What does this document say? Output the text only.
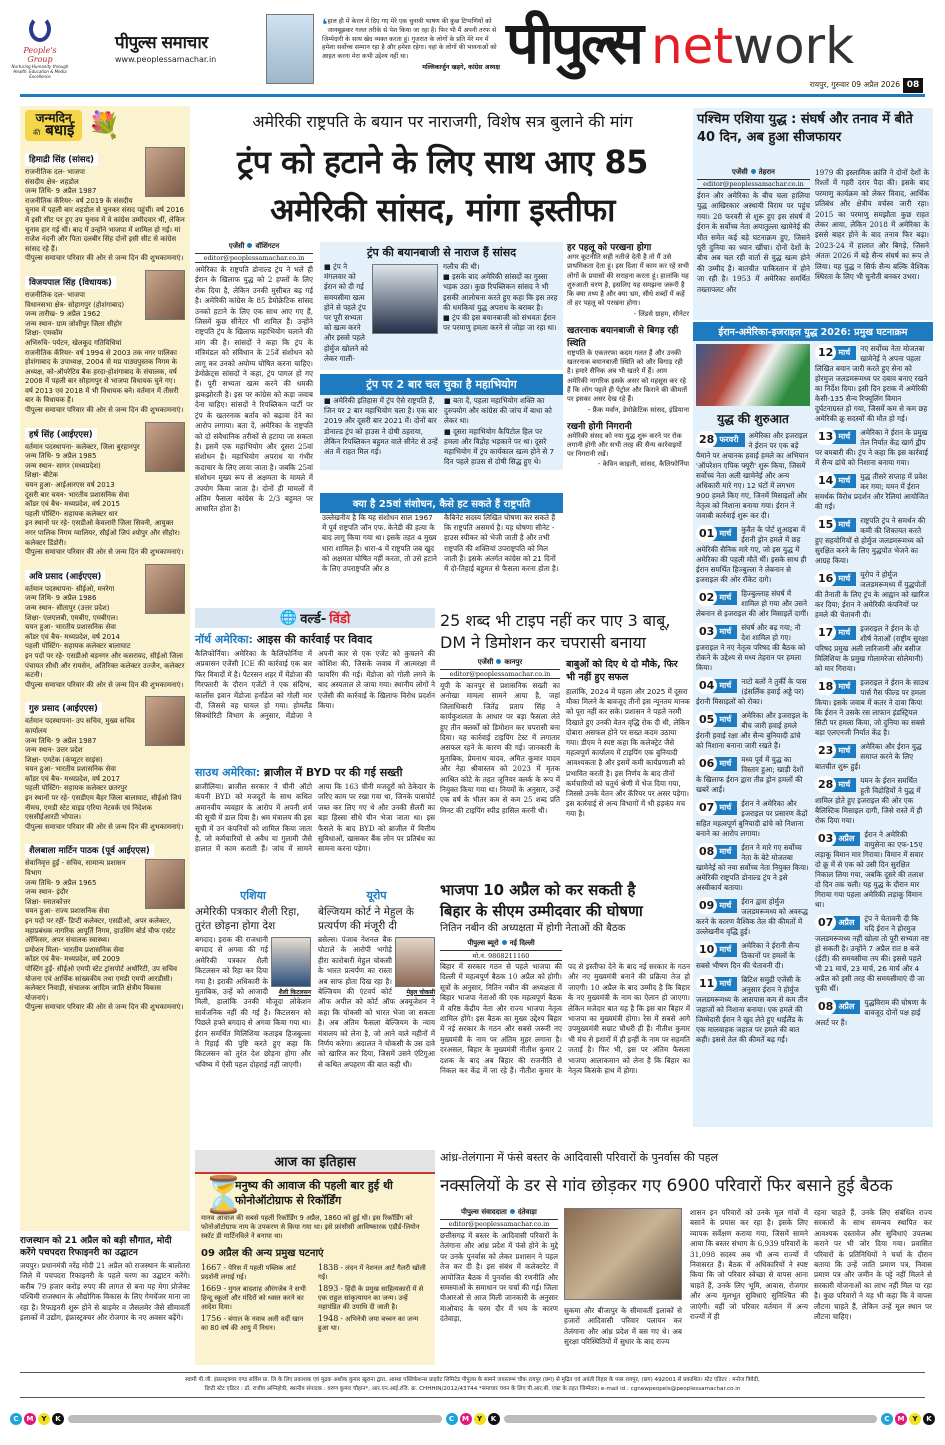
People's Group
Nurturing Humanity through Health, Education & Media Excellence
पीपुल्स समाचार
www.peoplessamachar.in
❛ हाल ही में केरल में दिए गए मेरे एक चुनावी भाषण की कुछ टिप्पणियों को जानबूझकर गलत तरीके से पेश किया जा रहा है। फिर भी मैं अपनी तरफ से जिम्मेदारी के साथ खेद व्यक्त करता हूं। गुजरात के लोगों के प्रति मेरे मन में हमेशा सर्वोच्च सम्मान रहा है और हमेशा रहेगा। वहां के लोगों की भावनाओं को आहत करना मेरा कभी उद्देश्य नहीं था।
मल्लिकार्जुन खड़गे, कांग्रेस अध्यक्ष पीपुल्स net work
रायपुर, गुरुवार 09 अप्रैल 2026 08
जन्मदिन
की बधाई 💐
हिमाद्री सिंह (सांसद)
राजनीतिक दल- भाजपा
संसदीय क्षेत्र- शहडोल
जन्म तिथि- 9 अप्रैल 1987
राजनीतिक कॅरियर- वर्ष 2019 के संसदीय चुनाव में पहली बार शहडोल से चुनकर संसद पहुंचीं। वर्ष 2016 में इसी सीट पर हुए उप चुनाव में वे कांग्रेस उम्मीदवार थीं, लेकिन चुनाव हार गई थीं। बाद में उन्होंने भाजपा में शामिल हो गईं। मां राजेश नंदनी और पिता दलबीर सिंह दोनों इसी सीट से कांग्रेस सांसद रहे हैं।
पीपुल्स समाचार परिवार की ओर से जन्म दिन की शुभकामनाएं।
विजयपाल सिंह (विधायक)
राजनीतिक दल- भाजपा
विधानसभा क्षेत्र- सोहागपुर (होशंगाबाद)
जन्म तारीख- 9 अप्रैल 1962
जन्म स्थान- ग्राम जोशीपुर जिला सीहोर
शिक्षा- एमकॉम
अभिरुचि- पर्यटन, खेलकूद गतिविधियां
राजनीतिक कॅरियर- वर्ष 1994 से 2003 तक नगर पालिका होशंगाबाद के उपाध्यक्ष, 2004 से मप्र पाठ्यपुस्तक निगम के अध्यक्ष, को-ऑपरेटिव बैंक हरदा-होशंगाबाद के संचालक, वर्ष 2008 में पहली बार सोहागपुर से भाजपा विधायक चुने गए। वर्ष 2013 एवं 2018 में भी विधायक बने। वर्तमान में तीसरी बार के विधायक हैं।
पीपुल्स समाचार परिवार की ओर से जन्म दिन की शुभकामनाएं।
हर्ष सिंह (आईएएस)
वर्तमान पदस्थापना- कलेक्टर, जिला बुरहानपुर
जन्म तिथि- 9 अप्रैल 1985
जन्म स्थान- सागर (मध्यप्रदेश)
शिक्षा- बीटेक
चयन हुआ- आईआरएस वर्ष 2013
दूसरी बार चयन- भारतीय प्रशासनिक सेवा
कॉडर एवं बैच- मध्यप्रदेश, वर्ष 2015
पहली पोस्टिंग- सहायक कलेक्टर धार
इन स्थानों पर रहे- एसडीओ केवलारी जिला सिवनी, आयुक्त नगर पालिक निगम ग्वालियर, सीईओ जिपं श्योपुर और सीहोर। कलेक्टर डिंडोरी।
पीपुल्स समाचार परिवार की ओर से जन्म दिन की शुभकामनाएं।
अवि प्रसाद (आईएएस)
वर्तमान पदस्थापना- सीईओ, मनरेगा
जन्म तिथि- 9 अप्रैल 1986
जन्म स्थान- सीतापुर (उत्तर प्रदेश)
शिक्षा- एलएलबी, एमबीए, एमबीएल।
चयन हुआ- भारतीय प्रशासनिक सेवा
कॉडर एवं बैच- मध्यप्रदेश, वर्ष 2014
पहली पोस्टिंग- सहायक कलेक्टर बालाघाट
इन पदों पर रहे- एसडीओ बड़नगर और कसरावद, सीईओ जिला पंचायत सीधी और रायसेन, अतिरिक्त कलेक्टर उज्जैन, कलेक्टर कटनी।
पीपुल्स समाचार परिवार की ओर से जन्म दिन की शुभकामनाएं।
गुरु प्रसाद (आईएएस)
वर्तमान पदस्थापना- उप सचिव, मुख्य सचिव कार्यालय
जन्म तिथि- 9 अप्रैल 1987
जन्म स्थान- उत्तर प्रदेश
शिक्षा- एमटेक (कंप्यूटर साइंस)
चयन हुआ- भारतीय प्रशासनिक सेवा
कॉडर एवं बैच- मध्यप्रदेश, वर्ष 2017
पहली पोस्टिंग- सहायक कलेक्टर छतरपुर
इन स्थानों पर रहे- एसडीएम बैहर जिला बालाघाट, सीईओ जिपं नीमच, एमडी स्टेट वाइड एरिया नेटवर्क एवं निदेशक एससीईआरटी भोपाल।
पीपुल्स समाचार परिवार की ओर से जन्म दिन की शुभकामनाएं।
शैलबाला मार्टिन पाठक (पूर्व आईएएस)
सेवानिवृत्त हुईं - सचिव, सामान्य प्रशासन विभाग
जन्म तिथि- 9 अप्रैल 1965
जन्म स्थान- इंदौर
शिक्षा- स्नातकोत्तर
चयन हुआ- राज्य प्रशासनिक सेवा
इन पदों पर रहीं- डिप्टी कलेक्टर, एसडीओ, अपर कलेक्टर, महाप्रबंधक नागरिक आपूर्ति निगम, हाउसिंग बोर्ड चीफ एस्टेट ऑफिसर, अपर संचालक स्वास्थ्य।
प्रमोशन मिला- भारतीय प्रशासनिक सेवा
कॉडर एवं बैच- मध्यप्रदेश, वर्ष 2009
पोस्टिंग हुईं- सीईओ एमपी स्टेट ट्रांसपोर्ट अथॉरिटी, उप सचिव योजना एवं आर्थिक सांख्यकीय तथा एमडी एमपी आरडीसी। कलेक्टर निवाड़ी, संचालक आदिम जाति क्षेत्रीय विकास योजनाएं।
पीपुल्स समाचार परिवार की ओर से जन्म दिन की शुभकामनाएं।
राजस्थान को 21 अप्रैल को बड़ी सौगात, मोदी करेंगे पचपदरा रिफाइनरी का उद्घाटन
जयपुर। प्रधानमंत्री नरेंद्र मोदी 21 अप्रैल को राजस्थान के बालोतरा जिले में पचपदरा रिफाइनरी के पहले चरण का उद्घाटन करेंगे। करीब 79 हजार करोड़ रुपए की लागत से बना यह मेगा प्रोजेक्ट पश्चिमी राजस्थान के औद्योगिक विकास के लिए गेमचेंजर माना जा रहा है। रिफाइनरी शुरू होने से बाड़मेर व जैसलमेर जैसे सीमावर्ती इलाकों में उद्योग, इंफ्रास्ट्रक्चर और रोजगार के नए अवसर बढ़ेंगे।
अमेरिकी राष्ट्रपति के बयान पर नाराजगी, विशेष सत्र बुलाने की मांग
ट्रंप को हटाने के लिए साथ आए 85
अमेरिकी सांसद, मांगा इस्तीफा
एजेंसी वॉशिंगटन
editor@peoplessamachar.co.in
अमेरिका के राष्ट्रपति डोनाल्ड ट्रंप ने भले ही ईरान के खिलाफ युद्ध को 2 हफ्तों के लिए रोक दिया है, लेकिन उनकी मुसीबत बढ़ गई है। अमेरिकी कांग्रेस के 85 डेमोक्रेटिक सांसद उनको हटाने के लिए एक साथ आए गए हैं, जिसमें कुछ सीनेटर भी शामिल हैं। उन्होंने राष्ट्रपति ट्रंप के खिलाफ महाभियोग चलाने की मांग की है। सांसदों ने कहा कि ट्रंप के मंत्रिमंडल को संविधान के 25वें संशोधन को लागू कर उनको अयोग्य घोषित करना चाहिए। डेमोक्रेट्स सांसदों ने कहा, ट्रंप पागल हो गए हैं। पूरी सभ्यता खत्म करने की धमकी झकझोरती है। इस पर कांग्रेस को कड़ा जवाब देना चाहिए। सांसदों ने रिपब्लिकन पार्टी पर ट्रंप के खतरनाक बर्ताव को बढ़ावा देने का आरोप लगाया। बता दें, अमेरिका के राष्ट्रपति को दो संवैधानिक तरीकों से हटाया जा सकता है। इसमें एक महाभियोग और दूसरा 25वां संशोधन है। महाभियोग अपराध या गंभीर कदाचार के लिए लाया जाता है। जबकि 25वां संशोधन मुख्य रूप से अक्षमता के मामले में उपयोग किया जाता है। दोनों ही मामलों में अंतिम फैसला कांग्रेस के 2/3 बहुमत पर आधारित होता है।
ट्रंप की बयानबाजी से नाराज हैं सांसद
■ ट्रंप ने मंगलवार को ईरान को दी गई समयसीमा खत्म होने से पहले ट्रंप पर पूरी सभ्यता को खत्म करने और इससे पहले होर्मुज खोलने को लेकर गाली-
गलौच की थी।
■ इसके बाद अमेरिकी सांसदों का गुस्सा भड़क उठा। कुछ रिपब्लिकन सांसद ने भी इसकी आलोचना करते हुए कहा कि इस तरह की धमकियां युद्ध अपराध के बराबर है।
■ ट्रंप की इस बयानबाजी को संभवतः ईरान पर परमाणु हमला करने से जोड़ा जा रहा था।
ट्रंप पर 2 बार चल चुका है महाभियोग
■ अमेरिकी इतिहास में ट्रंप ऐसे राष्ट्रपति हैं, जिन पर 2 बार महाभियोग चला है। एक बार 2019 और दूसरी बार 2021 में। दोनों बार डोनाल्ड ट्रंप को हाउस ने दोषी ठहराया, लेकिन रिपब्लिकन बहुमत वाले सीनेट से उन्हें अंत में राहत मिल गई।
■ बता दें, पहला महाभियोग शक्ति का दुरुपयोग और कांग्रेस की जांच में बाधा को लेकर था।
■ दूसरा महाभियोग कैपिटोल हिल पर हमला और विद्रोह भड़काने पर था। दूसरे महाभियोग में ट्रंप कार्यकाल खत्म होने से 7 दिन पहले हाउस से दोषी सिद्ध हुए थे।
क्या है 25वां संशोधन, कैसे हट सकते हैं राष्ट्रपति
उल्लेखनीय है कि यह संशोधन साल 1967 में पूर्व राष्ट्रपति जॉन एफ. केनेडी की हत्या के बाद लागू किया गया था। इसके तहत 4 मुख्य धारा शामिल है। धारा-4 में राष्ट्रपति जब खुद को अक्षमता घोषित नहीं करता, तो उसे हटाने के लिए उपराष्ट्रपति और 8
कैबिनेट सदस्य लिखित घोषणा कर सकते हैं कि राष्ट्रपति असमर्थ है। यह घोषणा सीनेट - हाउस स्पीकर को भेजी जाती है और तभी राष्ट्रपति की शक्तियां उपराष्ट्रपति को मिल जाती हैं। इसके अंतर्गत कांग्रेस को 21 दिनों में दो-तिहाई बहुमत से फैसला करना होता है।
हर पहलू को परखना होगा
अगर कूटनीति सही नतीजे देती है तो मैं उसे प्राथमिकता देता हूं। इस दिशा में काम कर रहे सभी लोगों के प्रयासों की सराहना करता हूं। हालांकि यह शुरुआती चरण है, इसलिए यह समझना जरूरी है कि क्या तथ्य है और क्या भ्रम, सीधे शब्दों में कहें तो हर पहलू को परखना होगा।
- लिंडसे ग्राहम, सीनेटर
खतरनाक बयानबाजी से बिगड़ रही स्थिति
राष्ट्रपति के एकतरफा कदम गलत हैं और उनकी खतरनाक बयानबाजी स्थिति को और बिगाड़ रही है। हमारे सैनिक अब भी खतरे में हैं। आम अमेरिकी नागरिक इसके असर को महसूस कर रहे हैं कि लोग पहले ही पेट्रोल और किराने की कीमतों पर इसका असर देख रहे हैं।
- फ्रैंक मर्वान, डेमोक्रेटिक सांसद, इंडियाना
रखनी होगी निगरानी
अमेरिकी संसद को नया युद्ध शुरू करने पर रोक लगानी होगी और सभी तरह की सैन्य कार्रवाइयों पर निगरानी रखें।
- केविन काइली, सांसद, कैलिफोर्निया
🌐 वर्ल्ड- विंडो
नॉर्थ अमेरिका: आइस की कार्रवाई पर विवाद
कैलिफोर्निया। अमेरिका के कैलिफोर्निया में अप्रवासन एजेंसी ICE की कार्रवाई एक बार फिर विवादों में है। पैटरसन शहर में मेंडोजा की गिरफ्तारी के दौरान एजेंटों ने एक संदिग्ध, कार्लोस इवान मेंडोजा हर्नांडेज को गोली मार दी, जिससे वह घायल हो गया। होमलैंड सिक्योरिटी विभाग के अनुसार, मेंडोजा ने अपनी कार से एक एजेंट को कुचलने की कोशिश की, जिसके जवाब में आत्मरक्षा में फायरिंग की गई। मेंडोजा को गोली लगने के बाद अस्पताल ले जाया गया। स्थानीय लोगों ने एजेंसी की कार्रवाई के खिलाफ विरोध प्रदर्शन किया।
साउथ अमेरिका: ब्राजील में BYD पर की गई सख्ती
ब्राजीलिया। ब्राजील सरकार ने चीनी ऑटो कंपनी BYD को मजदूरों के साथ कथित अमानवीय व्यवहार के आरोप में अपनी शर्म की सूची में डाल दिया है। श्रम मंत्रालय की इस सूची में उन कंपनियों को शामिल किया जाता है, जो कर्मचारियों से अवैध या गुलामी जैसे हालात में काम कराती हैं। जांच में सामने आया कि 163 चीनी मजदूरों को ठेकेदार के जरिए काम पर रखा गया था, जिनके पासपोर्ट जब्त कर लिए गए थे और उनकी सैलरी का बड़ा हिस्सा सीधे चीन भेजा जाता था। इस फैसले के बाद BYD को ब्राजील में वित्तीय सुविधाओं, खासकर बैंक लोन पर प्रतिबंध का सामना करना पड़ेगा।
एशिया
अमेरिकी पत्रकार शैली रिहा, तुरंत छोड़ना होगा देश
बगदाद। इराक की राजधानी बगदाद से अगवा की गई अमेरिकी पत्रकार शैली किटलसन को रिहा कर दिया गया है। इराकी अधिकारी के मुताबिक, उन्हें को आजादी मिली, हालांकि उनकी मौजूदा लोकेशन सार्वजनिक नहीं की गई है। किटलसन को पिछले हफ्ते बगदाद से अगवा किया गया था। ईरान समर्थित मिलिशिया कताइब हिजबुल्ला ने रिहाई की पुष्टि करते हुए कहा कि किटलसन को तुरंत देश छोड़ना होगा और भविष्य में ऐसी पहल दोहराई नहीं जाएगी।
शैली किटलसन
यूरोप
बेल्जियम कोर्ट ने मेहुल के प्रत्यर्पण की मंजूरी दी
ब्रसेल्स। पंजाब नेशनल बैंक घोटाले के आरोपी भगोड़े हीरा कारोबारी मेहुल चोकसी के भारत प्रत्यर्पण का रास्ता अब साफ होता दिख रहा है। बेल्जियम की एंटवर्प कोर्ट ऑफ अपील को कोर्ट ऑफ अक्यूजेशन ने कहा कि चोकसी को भारत भेजा जा सकता है। अब अंतिम फैसला बेल्जियम के न्याय मंत्रालय को लेना है, जो आने वाले महीनों में निर्णय करेगा। अदालत ने चोकसी के उस दावे को खारिज कर दिया, जिसमें उसने एंटिगुआ से कथित अपहरण की बात कही थी।
मेहुल चोकसी
25 शब्द भी टाइप नहीं कर पाए 3 बाबू,
DM ने डिमोशन कर चपरासी बनाया
एजेंसी कानपुर
editor@peoplessamachar.co.in
यूपी के कानपुर से प्रशासनिक सख्ती का अनोखा मामला सामने आया है, जहां जिलाधिकारी जितेंद्र प्रताप सिंह ने कार्यकुशलता के आधार पर बड़ा फैसला लेते हुए तीन क्लर्कों को डिमोशन कर चपरासी बना दिया। यह कार्रवाई टाइपिंग टेस्ट में लगातार असफल रहने के कारण की गई। जानकारी के मुताबिक, प्रेमनाथ यादव, अमित कुमार यादव और नेहा श्रीवास्तव को 2023 में मृतक आश्रित कोटे के तहत जूनियर क्लर्क के रूप में नियुक्त किया गया था। नियमों के अनुसार, उन्हें एक वर्ष के भीतर कम से कम 25 शब्द प्रति मिनट की टाइपिंग स्पीड हासिल करनी थी।
बाबुओं को दिए थे दो मौके, फिर भी नहीं हुए सफल
हालांकि, 2024 में पहला और 2025 में दूसरा मौका मिलने के बावजूद तीनों इस न्यूनतम मानक को पूरा नहीं कर सके। प्रशासन ने पहले नरमी दिखाते हुए उनकी वेतन वृद्धि रोक दी थी, लेकिन दोबारा असफल होने पर सख्त कदम उठाया गया। डीएम ने स्पष्ट कहा कि कलेक्ट्रेट जैसे महत्वपूर्ण कार्यालय में टाइपिंग एक बुनियादी आवश्यकता है और इसमें कमी कार्यप्रणाली को प्रभावित करती है। इस निर्णय के बाद तीनों कर्मचारियों को चतुर्थ श्रेणी में भेज दिया गया, जिससे उनके वेतन और कॅरियर पर असर पड़ेगा। इस कार्रवाई से अन्य विभागों में भी हड़कंप मच गया है।
भाजपा 10 अप्रैल को कर सकती है
बिहार के सीएम उम्मीदवार की घोषणा
नितिन नबीन की अध्यक्षता में होगी नेताओं की बैठक
पीपुल्स ब्यूरो नई दिल्ली
मो.नं. 9868211160
बिहार में सरकार गठन से पहले भाजपा की दिल्ली में महत्वपूर्ण बैठक 10 अप्रैल को होगी। सूत्रों के अनुसार, नितिन नबीन की अध्यक्षता में बिहार भाजपा नेताओं की एक महत्वपूर्ण बैठक में वरिष्ठ केंद्रीय नेता और राज्य भाजपा नेतृत्व शामिल होंगे। इस बैठक का मुख्य उद्देश्य बिहार में नई सरकार के गठन और सबसे जरूरी नए मुख्यमंत्री के नाम पर अंतिम मुहर लगाना है। दरअसल, बिहार के मुख्यमंत्री नीतीश कुमार 2 दशक के बाद अब बिहार की राजनीति से निकल कर केंद्र में जा रहे हैं। नीतीश कुमार के पद से इस्तीफा देने के बाद नई सरकार के गठन और नए मुख्यमंत्री बनाने की प्रक्रिया तेज हो जाएगी। 10 अप्रैल के बाद उम्मीद है कि बिहार के नए मुख्यमंत्री के नाम का ऐलान हो जाएगा। लेकिन मजेदार बात यह है कि इस बार बिहार में भाजपा का मुख्यमंत्री होगा। रेस में सबसे आगे उपमुख्यमंत्री सम्राट चौधरी ही हैं। नीतीश कुमार भी मंच से इशारों में ही इन्हीं के नाम पर सहमति जताई है। फिर भी, इस पर अंतिम फैसला भाजपा आलाकमान को लेना है कि बिहार का नेतृत्व किसके हाथ में होगा।
पश्चिम एशिया युद्ध : संघर्ष और तनाव में बीते 40 दिन, अब हुआ सीजफायर
एजेंसी तेहरान
editor@peoplessamachar.co.in
ईरान और अमेरिका के बीच चला हालिया युद्ध आखिरकार अस्थायी विराम पर पहुंच गया। 28 फरवरी से शुरू हुए इस संघर्ष में ईरान के सर्वोच्च नेता अयातुल्ला खामेनेई की मौत समेत कई बड़े घटनाक्रम हुए, जिसने पूरी दुनिया का ध्यान खींचा। दोनों देशों के बीच अब चल रही वार्ता से युद्ध खत्म होने की उम्मीद है। बातचीत पाकिस्तान में होने जा रही है। 1953 में अमेरिका समर्थित तख्तापलट और
1979 की इस्लामिक क्रांति ने दोनों देशों के रिश्तों में गहरी दरार पैदा की। इसके बाद परमाणु कार्यक्रम को लेकर विवाद, आर्थिक प्रतिबंध और क्षेत्रीय वर्चस्व जारी रहा। 2015 का परमाणु समझौता कुछ राहत लेकर आया, लेकिन 2018 में अमेरिका के इससे बाहर होने के बाद तनाव फिर बढ़ा। 2023-24 में हालात और बिगड़े, जिसने अंततः 2026 में बड़े सैन्य संघर्ष का रूप ले लिया। यह युद्ध न सिर्फ सैन्य बल्कि वैश्विक स्थिरता के लिए भी चुनौती बनकर उभरा।
ईरान-अमेरिका-इजराइल युद्ध 2026: प्रमुख घटनाक्रम
युद्ध की शुरुआत
28 फरवरी	अमेरिका और इजराइल ने ईरान पर एक बड़े पैमाने पर अचानक हवाई हमले का अभियान 'ऑपरेशन एपिक फ्यूरी' शुरू किया, जिसमें सर्वोच्च नेता अली खामेनेई और अन्य अधिकारी मारे गए। 12 घंटों में लगभग 900 हमले किए गए, जिनमें मिसाइलों और नेतृत्व को निशाना बनाया गया। ईरान ने जवाबी कार्रवाई शुरू कर दी।
01 मार्च	कुवैत के पोर्ट शुआइबा में ईरानी ड्रोन हमले में छह अमेरिकी सैनिक मारे गए, जो इस युद्ध में अमेरिका की पहली मौतें थीं। इसके साथ ही ईरान समर्थित हिज्बुल्ला ने लेबनान से इजराइल की ओर रॉकेट दागे।
02 मार्च	हिज्बुल्लाह संघर्ष में शामिल हो गया और उसने लेबनान से इजराइल की ओर मिसाइलें दागीं।
03 मार्च	संघर्ष और बढ़ गया; नौ देश शामिल हो गए। इजराइल ने नए नेतृत्व परिषद की बैठक को रोकने के उद्देश्य से मध्य तेहरान पर हमला किया।
04 मार्च	नाटो बलों ने तुर्की के पास (इंसर्लिक हवाई अड्डे पर) ईरानी मिसाइलों को रोका।
05 मार्च	अमेरिका और इजराइल के बीच जारी हवाई हमले ईरानी हवाई रक्षा और सैन्य बुनियादी ढांचे को निशाना बनाना जारी रखते हैं।
06 मार्च	मध्य पूर्व में युद्ध का विस्तार हुआ; खाड़ी देशों के खिलाफ ईरान द्वारा तीव्र ड्रोन हमलों की खबरें आईं।
07 मार्च	ईरान ने अमेरिका और इजराइल पर प्रसारण केंद्रों सहित महत्वपूर्ण बुनियादी ढांचे को निशाना बनाने का आरोप लगाया।
08 मार्च	ईरान ने मारे गए सर्वोच्च नेता के बेटे मोजतबा खामेनेई को नया सर्वोच्च नेता नियुक्त किया। अमेरिकी राष्ट्रपति डोनाल्ड ट्रंप ने इसे अस्वीकार्य बताया।
09 मार्च	ईरान द्वारा होर्मुज जलडमरूमध्य को अवरुद्ध करने के कारण वैश्विक तेल की कीमतों में उल्लेखनीय वृद्धि हुई।
10 मार्च	अमेरिका ने ईरानी सैन्य ठिकानों पर हमलों के सबसे भीषण दिन की चेतावनी दी।
11 मार्च	ब्रिटिश समुद्री एजेंसी के अनुसार ईरान ने होर्मुज जलडमरूमध्य के आसपास कम से कम तीन जहाजों को निशाना बनाया। एक हमले की जिम्मेदारी ईरान ने खुद लेते हुए थाईलैंड के एक मालवाहक जहाज पर हमले की बात कही। इससे तेल की कीमतें बढ़ गईं।
12 मार्च	नए सर्वोच्च नेता मोजतबा खामेनेई ने अपना पहला लिखित बयान जारी करते हुए सेना को होरमुज जलडमरूमध्य पर दबाव बनाए रखने का निर्देश दिया। इसी दिन इराक में अमेरिकी केसी-135 सैन्य रिफ्यूलिंग विमान दुर्घटनाग्रस्त हो गया, जिसमें कम से कम छह अमेरिकी क्रू सदस्यों की मौत हो गई।
13 मार्च	अमेरिका ने ईरान के प्रमुख तेल निर्यात केंद्र खार्ग द्वीप पर बमबारी की। ट्रंप ने कहा कि इस कार्रवाई में सैन्य ढांचे को निशाना बनाया गया।
14 मार्च	युद्ध तीसरे सप्ताह में प्रवेश कर गया; यमन में ईरान समर्थक विरोध प्रदर्शन और रैलियां आयोजित की गईं।
15 मार्च	राष्ट्रपति ट्रंप ने समर्थन की कमी की शिकायत करते हुए सहयोगियों से होर्मुज जलडमरूमध्य को सुरक्षित करने के लिए युद्धपोत भेजने का आग्रह किया।
16 मार्च	यूरोप ने होर्मुज जलडमरूमध्य में युद्धपोतों की तैनाती के लिए ट्रंप के आह्वान को खारिज कर दिया; ईरान ने अमेरिकी कंपनियों पर हमले की चेतावनी दी।
17 मार्च	इजराइल ने ईरान के दो शीर्ष नेताओं (राष्ट्रीय सुरक्षा परिषद प्रमुख अली लारिजानी और बसीज मिलिशिया के प्रमुख गोलामरेजा सोलेमानी) को मार गिराया।
18 मार्च	इजराइल ने ईरान के साउथ पार्स गैस फील्ड पर हमला किया। इसके जवाब में कतर ने दावा किया कि ईरान ने उसके रस लाफान इंडस्ट्रियल सिटी पर हमला किया, जो दुनिया का सबसे बड़ा एलएनजी निर्यात केंद्र है।
23 मार्च	अमेरिका और ईरान युद्ध समाप्त करने के लिए बातचीत शुरू हुई।
28 मार्च	यमन के ईरान समर्थित हूती विद्रोहियों ने युद्ध में शामिल होते हुए इजराइल की ओर एक बैलिस्टिक मिसाइल दागी, जिसे रास्ते में ही रोक दिया गया।
03 अप्रैल	ईरान ने अमेरिकी वायुसेना का एफ-15ए लड़ाकू विमान मार गिराया। विमान में सवार दो क्रू में से एक को उसी दिन सुरक्षित निकाल लिया गया, जबकि दूसरे की तलाश दो दिन तक चली। यह युद्ध के दौरान मार गिराया गया पहला अमेरिकी लड़ाकू विमान था।
07 अप्रैल	ट्रंप ने चेतावनी दी कि यदि ईरान ने होरमुज जलडमरूमध्य नहीं खोला तो पूरी सभ्यता नष्ट हो सकती है। उन्होंने 7 अप्रैल रात 8 बजे (ईटी) की समयसीमा तय की। इससे पहले भी 21 मार्च, 23 मार्च, 26 मार्च और 4 अप्रैल को इसी तरह की समयसीमाएं दी जा चुकी थीं।
08 अप्रैल	युद्धविराम की घोषणा के बावजूद दोनों पक्ष हाई अलर्ट पर हैं।
आज का इतिहास
⏳
मनुष्य की आवाज की पहली बार हुई थी फोनोऑटोग्राफ से रिकॉर्डिंग
मानव आवाज की सबसे पहली रिकॉर्डिंग 9 अप्रैल, 1860 को हुई थी। इस रिकॉर्डिंग को फोनोऑटोग्राफ नाम के उपकरण से किया गया था। इसे फ्रांसीसी आविष्कारक एडौर्ड-लियोन स्कॉट डी मार्टिनविले ने बनाया था।
09 अप्रैल की अन्य प्रमुख घटनाएं
1667 - पेरिस में पहली पब्लिक आर्ट प्रदर्शनी लगाई गई।
1669 - मुगल बादशाह औरंगजेब ने सभी हिन्दू स्कूलों और मंदिरों को ध्वस्त करने का आदेश दिया।
1756 - बंगाल के नवाब अली वर्दी खान का 80 वर्ष की आयु में निधन।
1838 - लंदन में नेशनल आर्ट गैलरी खोली गई।
1893 - हिंदी के प्रमुख साहित्यकारों में से एक राहुल सांकृत्यायन का जन्म। उन्हें महापंडित की उपाधि दी जाती है।
1948 - अभिनेत्री जया बच्चन का जन्म हुआ था।
आंध्र-तेलंगाना में फंसे बस्तर के आदिवासी परिवारों के पुनर्वास की पहल
नक्सलियों के डर से गांव छोड़कर गए 6900 परिवारों फिर बसाने हुई बैठक
पीपुल्स संवाददाता दंतेवाड़ा
editor@peoplessamachar.co.in
छत्तीसगढ़ में बस्तर के आदिवासी परिवारों के तेलंगाना और आंध्र प्रदेश में फंसे होने के मुद्दे पर उनके पुनर्वास को लेकर प्रशासन ने पहल तेज कर दी है। इस संबंध में कलेक्टरेट में आयोजित बैठक में पुनर्वास की रणनीति और समस्याओं के समाधान पर चर्चा की गई। जिला पीआरओ से आज मिली जानकारी के अनुसार माओवाद के चरम दौर में भय के कारण दंतेवाड़ा,
सुकमा और बीजापुर के सीमावर्ती इलाकों से हजारों आदिवासी परिवार पलायन कर तेलंगाना और आंध्र प्रदेश में बस गए थे। अब सुरक्षा परिस्थितियों में सुधार के बाद राज्य
शासन इन परिवारों को उनके मूल गांवों में बसाने के प्रयास कर रहा है। इसके लिए व्यापक सर्वेक्षण कराया गया, जिसमें सामने आया कि बस्तर संभाग के 6,939 परिवारों के 31,098 सदस्य अब भी अन्य राज्यों में निवासरत हैं। बैठक में अधिकारियों ने स्पष्ट किया कि जो परिवार स्वेच्छा से वापस आना चाहते हैं, उनके लिए भूमि, आवास, रोजगार और अन्य मूलभूत सुविधाएं सुनिश्चित की जाएंगी। वहीं जो परिवार वर्तमान में अन्य राज्यों में ही
रहना चाहते हैं, उनके लिए संबंधित राज्य सरकारों के साथ समन्वय स्थापित कर आवश्यक दस्तावेज और सुविधाएं उपलब्ध कराने पर भी जोर दिया गया। प्रवासित परिवारों के प्रतिनिधियों ने चर्चा के दौरान बताया कि उन्हें जाति प्रमाण पत्र, निवास प्रमाण पत्र और जमीन के पट्टे नहीं मिलने से सरकारी योजनाओं का लाभ नहीं मिल पा रहा है। कुछ परिवारों ने यह भी कहा कि वे वापस लौटना चाहते हैं, लेकिन उन्हें मूल स्थान पर लौटना चाहिए।
स्वामी पी.जी. इंफ्रास्ट्रक्चर एण्ड सर्विस प्रा. लि के लिए प्रकाशक एवं मुद्रक अशोक कुमार खुराना द्वारा, आस्था पब्लिकेशन्स प्राइवेट लिमिटेड पीपुल्स के सामने जयस्तम्भ चौक रायपुर (छग) से मुद्रित एवं अवंती विहार के पास रायपुर, (छग) 492001 से प्रकाशित। स्टेट एडिटर : मनोज त्रिवेदी,
डिप्टी स्टेट एडिटर : डॉ. राजीव अग्निहोत्री, स्थानीय संपादक : वरुण कुमार चौहान*, आर.एन.आई.रजि. क्र. CHHHIN/2012/43744 *समाचार चयन के लिए पी.आर.बी. एक्ट के तहत जिम्मेदार। e-mail id : cgnewpeopels@peoplessamachar.co.in
C	M	Y	K	C	M	Y	K	C	M	Y	K
